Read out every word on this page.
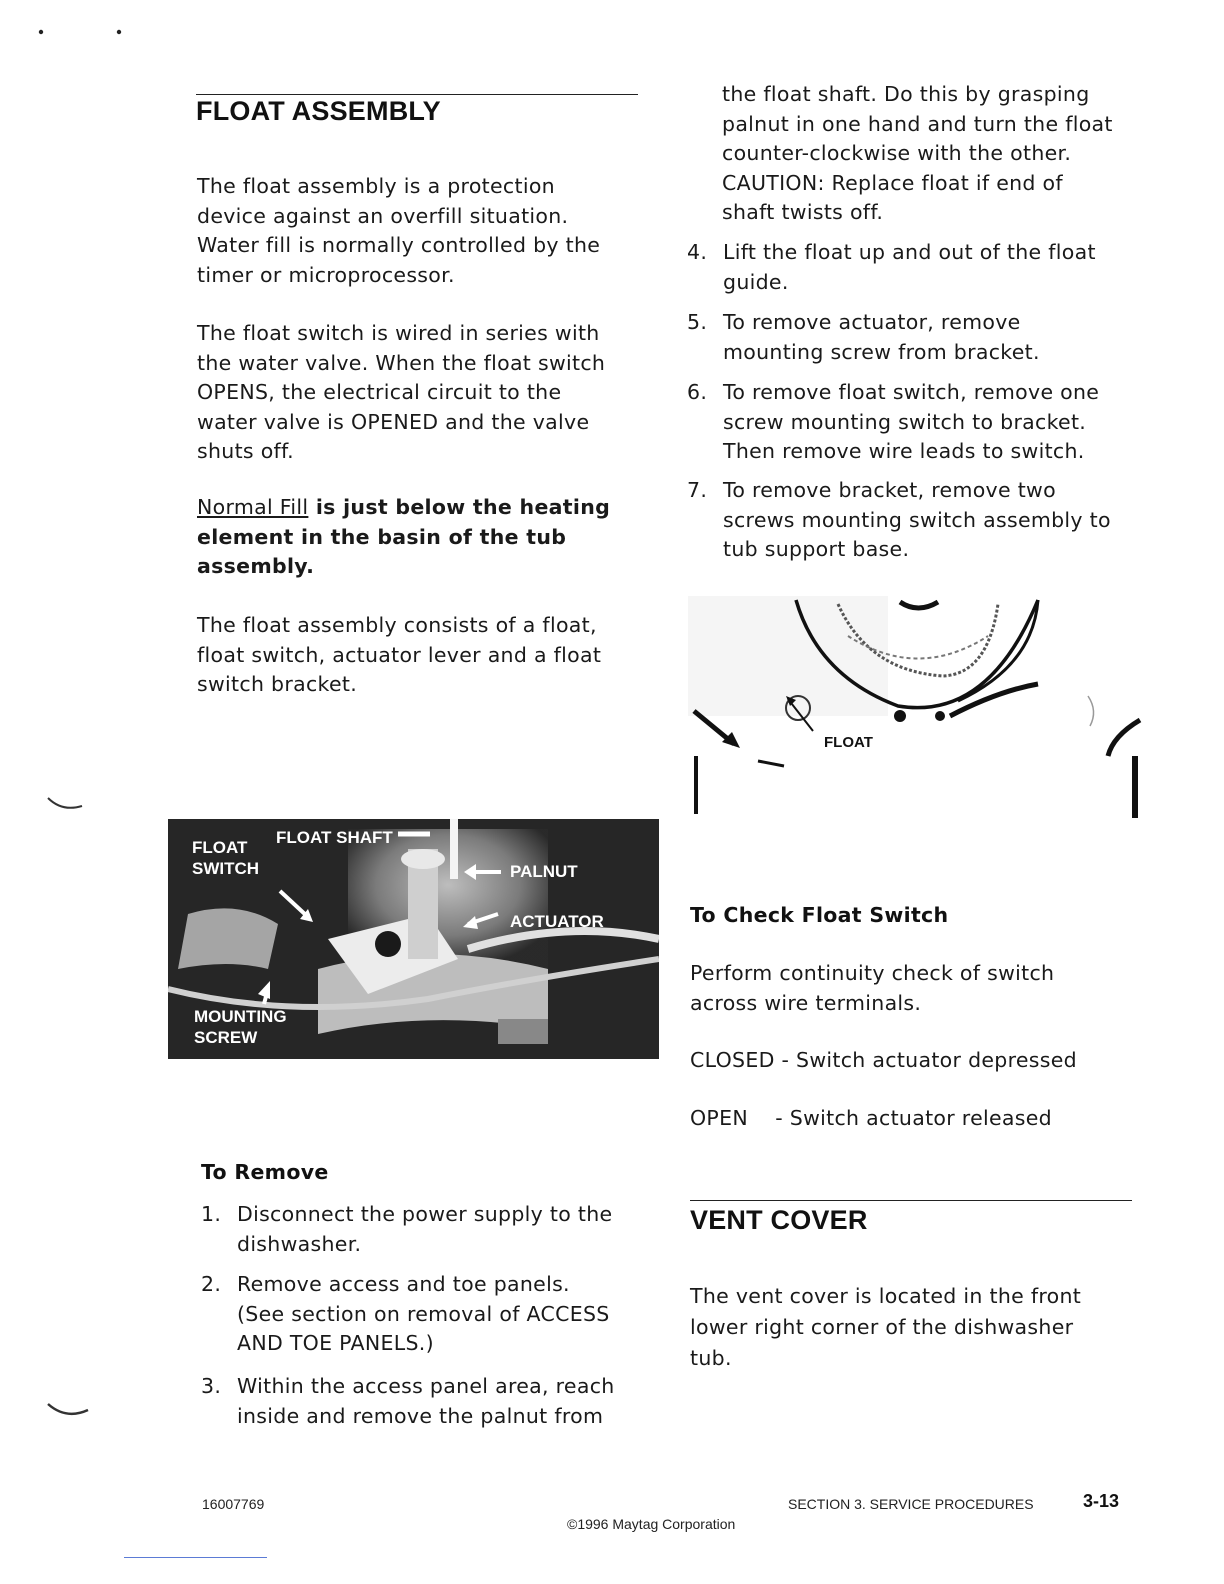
FLOAT ASSEMBLY
The float assembly is a protection
device against an overfill situation.
Water fill is normally controlled by the
timer or microprocessor.
The float switch is wired in series with
the water valve. When the float switch
OPENS, the electrical circuit to the
water valve is OPENED and the valve
shuts off.
Normal Fill is just below the heating
element in the basin of the tub
assembly.
The float assembly consists of a float,
float switch, actuator lever and a float
switch bracket.
FLOAT
SWITCH
FLOAT SHAFT
PALNUT
ACTUATOR
MOUNTING
SCREW
To Remove
1. Disconnect the power supply to the
dishwasher.
2. Remove access and toe panels.
(See section on removal of ACCESS
AND TOE PANELS.)
3. Within the access panel area, reach
inside and remove the palnut from
the float shaft. Do this by grasping
palnut in one hand and turn the float
counter-clockwise with the other.
CAUTION: Replace float if end of
shaft twists off.
4. Lift the float up and out of the float
guide.
5. To remove actuator, remove
mounting screw from bracket.
6. To remove float switch, remove one
screw mounting switch to bracket.
Then remove wire leads to switch.
7. To remove bracket, remove two
screws mounting switch assembly to
tub support base.
FLOAT
To Check Float Switch
Perform continuity check of switch
across wire terminals.
CLOSED - Switch actuator depressed
OPEN    - Switch actuator released
VENT COVER
The vent cover is located in the front
lower right corner of the dishwasher
tub.
16007769	SECTION 3. SERVICE PROCEDURES	3-13
©1996 Maytag Corporation
